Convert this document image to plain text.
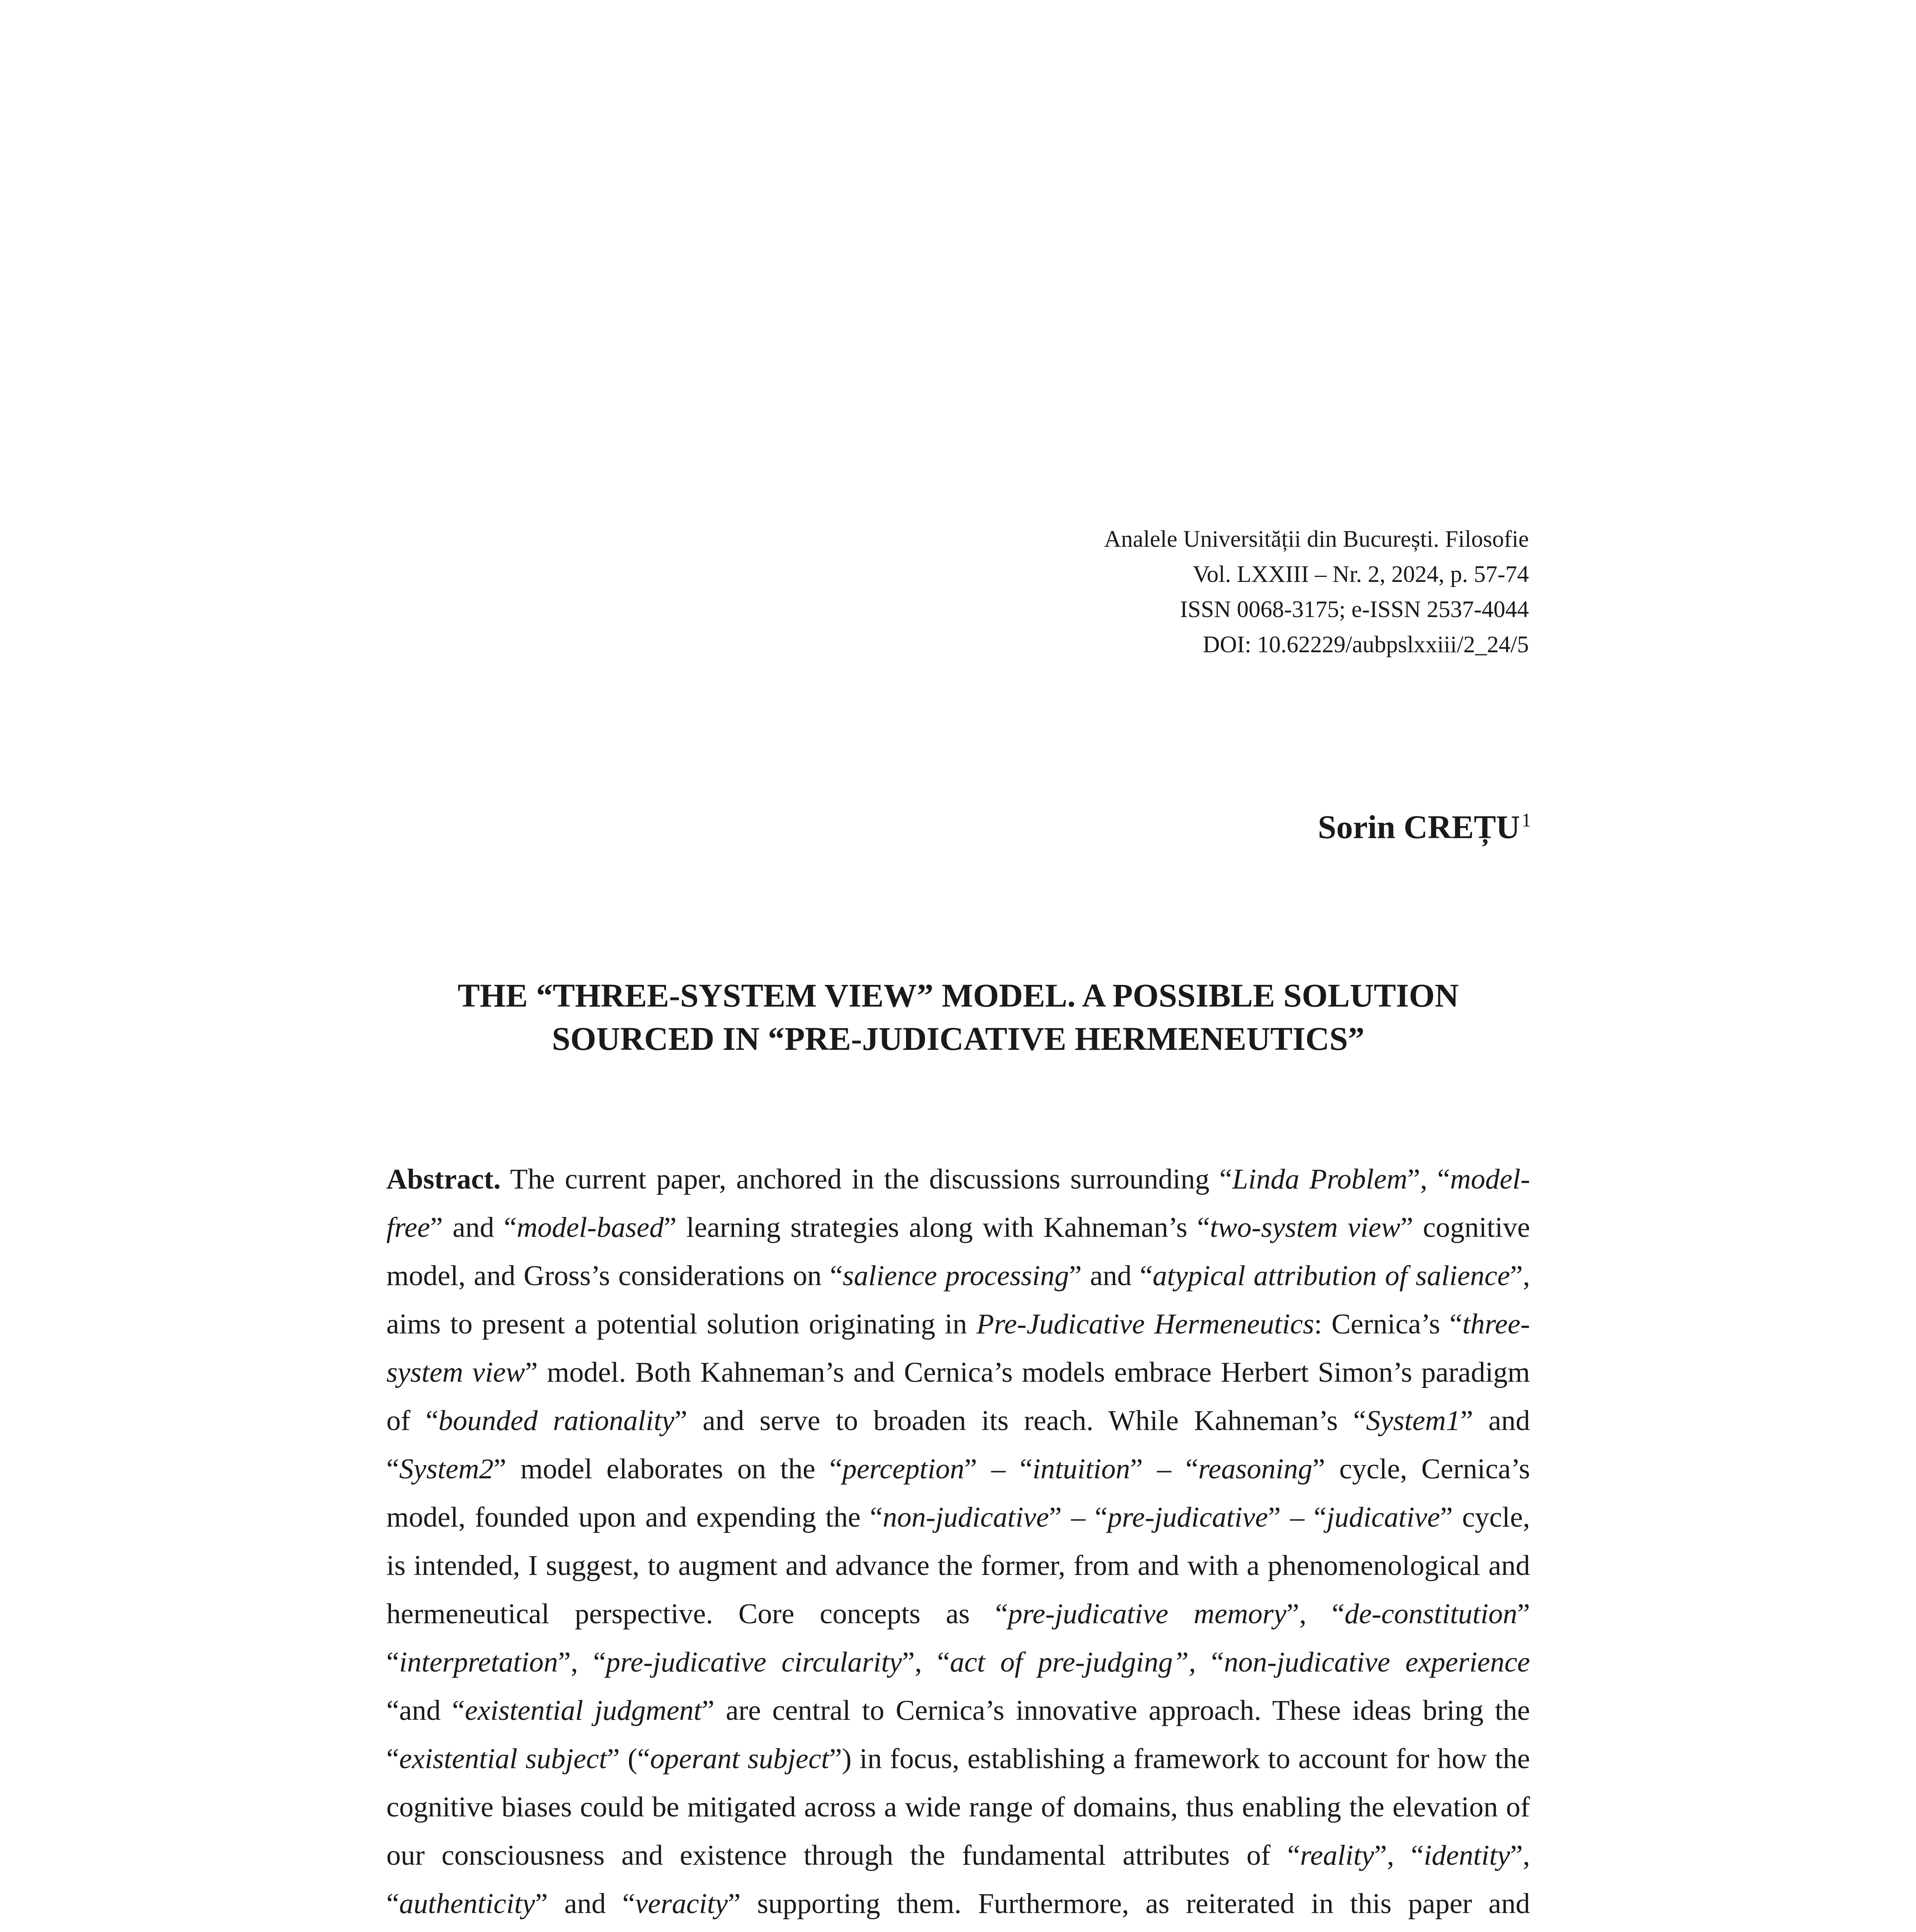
Analele Universității din București. Filosofie
Vol. LXXIII – Nr. 2, 2024, p. 57-74
ISSN 0068-3175; e-ISSN 2537-4044
DOI: 10.62229/aubpslxxiii/2_24/5
Sorin CREȚU$^1$
THE “THREE-SYSTEM VIEW” MODEL. A POSSIBLE SOLUTION
SOURCED IN “PRE-JUDICATIVE HERMENEUTICS”

Abstract. The current paper, anchored in the discussions surrounding “Linda Problem”, “model-free” and “model-based” learning strategies along with Kahneman’s “two-system view” cognitive model, and Gross’s considerations on “salience processing” and “atypical attribution of salience”, aims to present a potential solution originating in Pre-Judicative Hermeneutics: Cernica’s “three-system view” model. Both Kahneman’s and Cernica’s models embrace Herbert Simon’s paradigm of “bounded rationality” and serve to broaden its reach. While Kahneman’s “System1” and “System2” model elaborates on the “perception” – “intuition” – “reasoning” cycle, Cernica’s model, founded upon and expending the “non-judicative” – “pre-judicative” – “judicative” cycle, is intended, I suggest, to augment and advance the former, from and with a phenomenological and hermeneutical perspective. Core concepts as “pre-judicative memory”, “de-constitution” “interpretation”, “pre-judicative circularity”, “act of pre-judging”, “non-judicative experience “and “existential judgment” are central to Cernica’s innovative approach. These ideas bring the “existential subject” (“operant subject”) in focus, establishing a framework to account for how the cognitive biases could be mitigated across a wide range of domains, thus enabling the elevation of our consciousness and existence through the fundamental attributes of “reality”, “identity”, “authenticity” and “veracity” supporting them. Furthermore, as reiterated in this paper and
